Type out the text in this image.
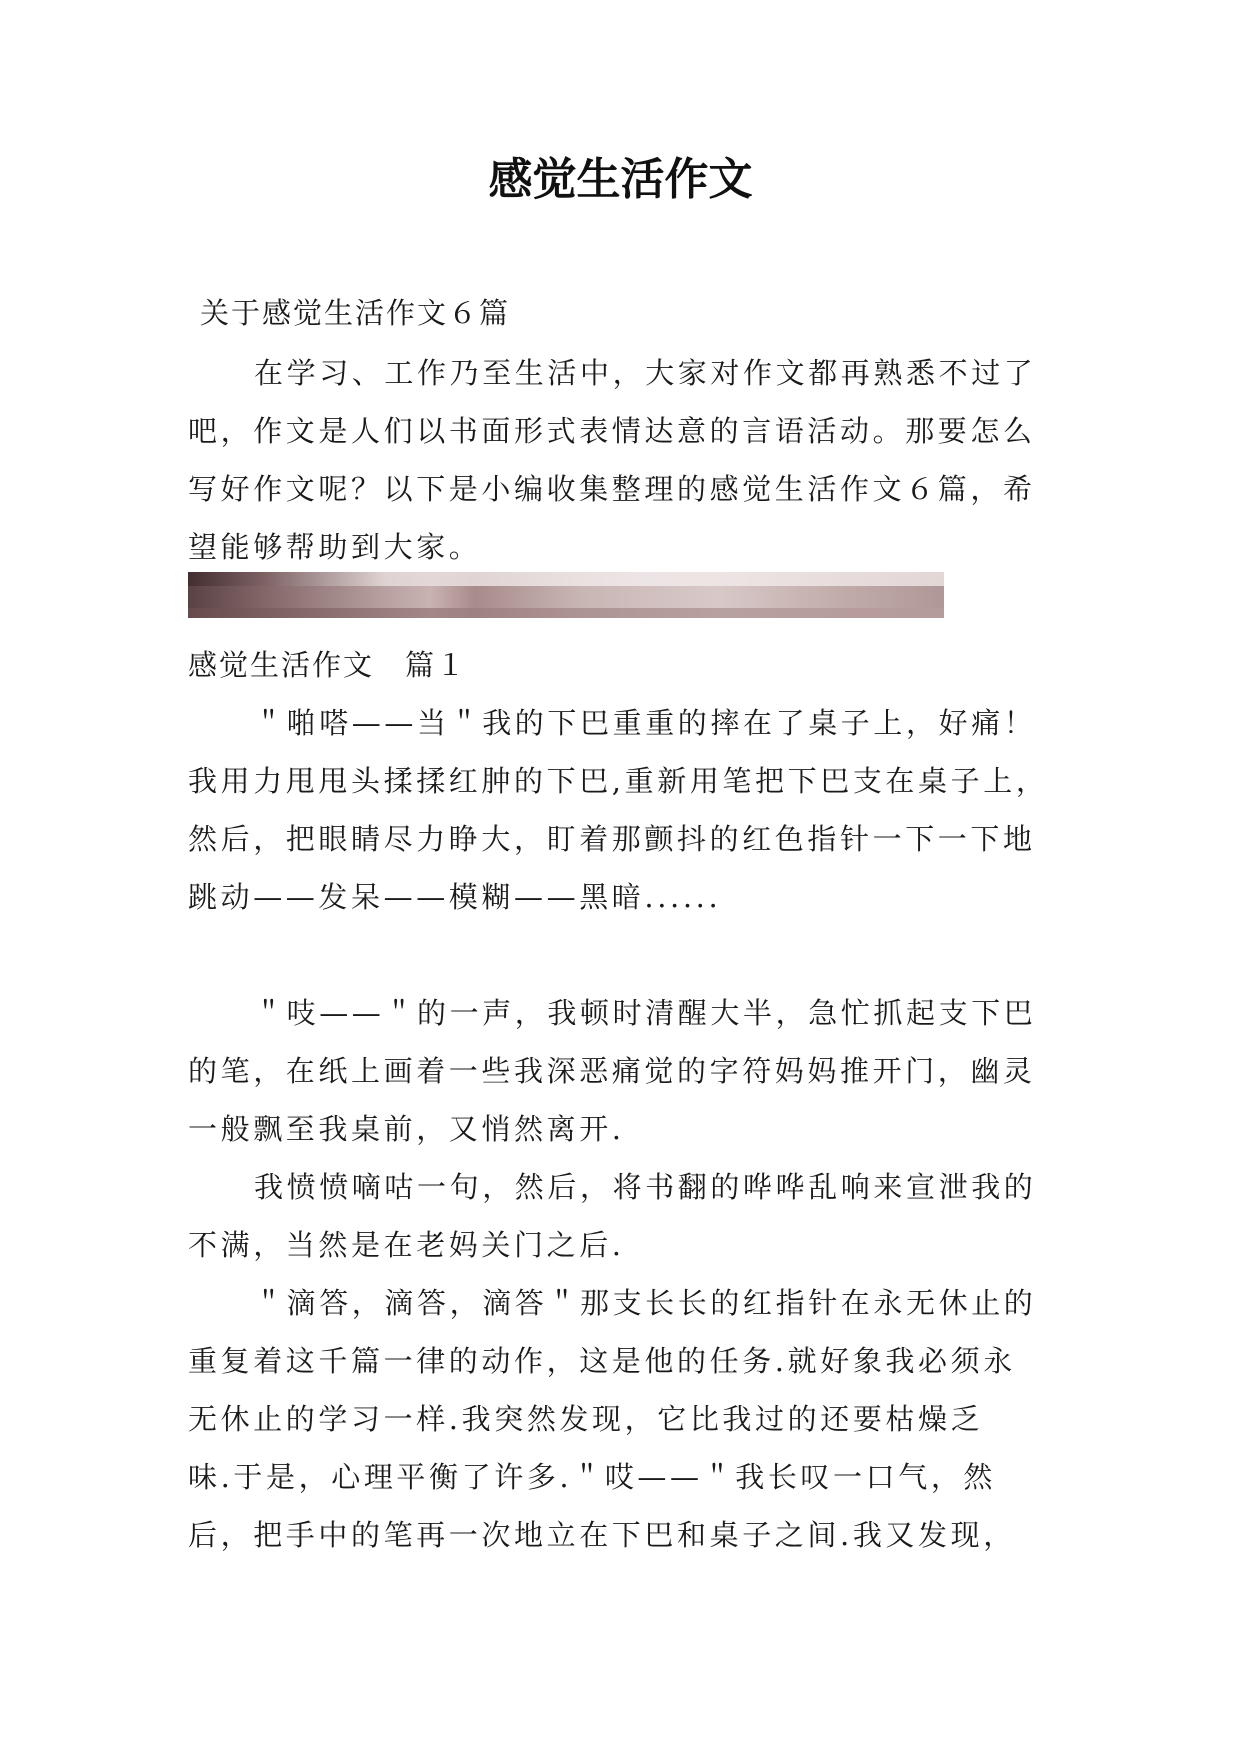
感觉生活作文

关于感觉生活作文６篇

在学习、工作乃至生活中，大家对作文都再熟悉不过了

吧，作文是人们以书面形式表情达意的言语活动。那要怎么

写好作文呢？以下是小编收集整理的感觉生活作文６篇，希

望能够帮助到大家。

感觉生活作文　篇１

＂啪嗒——当＂我的下巴重重的摔在了桌子上，好痛！

我用力甩甩头揉揉红肿的下巴,重新用笔把下巴支在桌子上，

然后，把眼睛尽力睁大，盯着那颤抖的红色指针一下一下地

跳动——发呆——模糊——黑暗......

＂吱——＂的一声，我顿时清醒大半，急忙抓起支下巴

的笔，在纸上画着一些我深恶痛觉的字符妈妈推开门，幽灵

一般飘至我桌前，又悄然离开.

我愤愤嘀咕一句，然后，将书翻的哗哗乱响来宣泄我的

不满，当然是在老妈关门之后.

＂滴答，滴答，滴答＂那支长长的红指针在永无休止的

重复着这千篇一律的动作，这是他的任务.就好象我必须永

无休止的学习一样.我突然发现，它比我过的还要枯燥乏

味.于是，心理平衡了许多.＂哎——＂我长叹一口气，然

后，把手中的笔再一次地立在下巴和桌子之间.我又发现，
